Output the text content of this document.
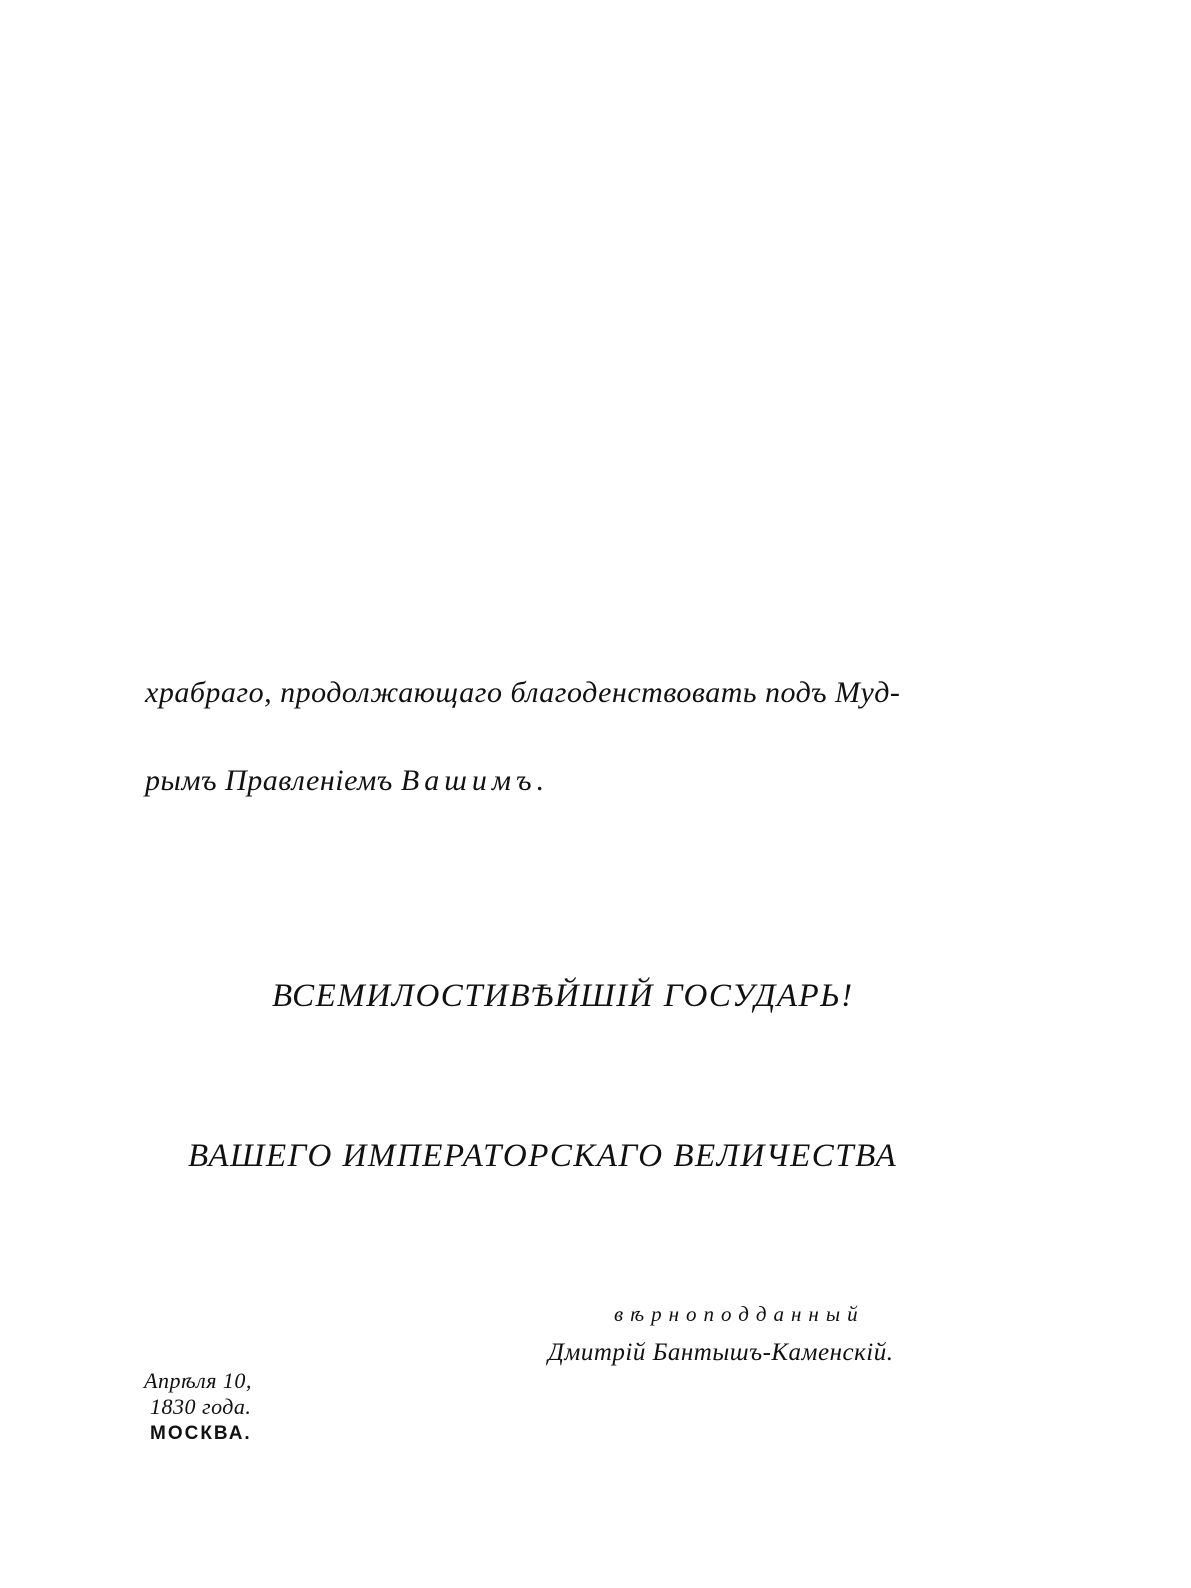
храбраго, продолжающаго благоденствовать подъ Муд-
рымъ Правленіемъ Вашимъ.
ВСЕМИЛОСТИВѢЙШІЙ ГОСУДАРЬ!
ВАШЕГО ИМПЕРАТОРСКАГО ВЕЛИЧЕСТВА
вѣрноподданный
Дмитрій Бантышъ-Каменскій.
Апрѣля 10,
1830 года.
МОСКВА.
